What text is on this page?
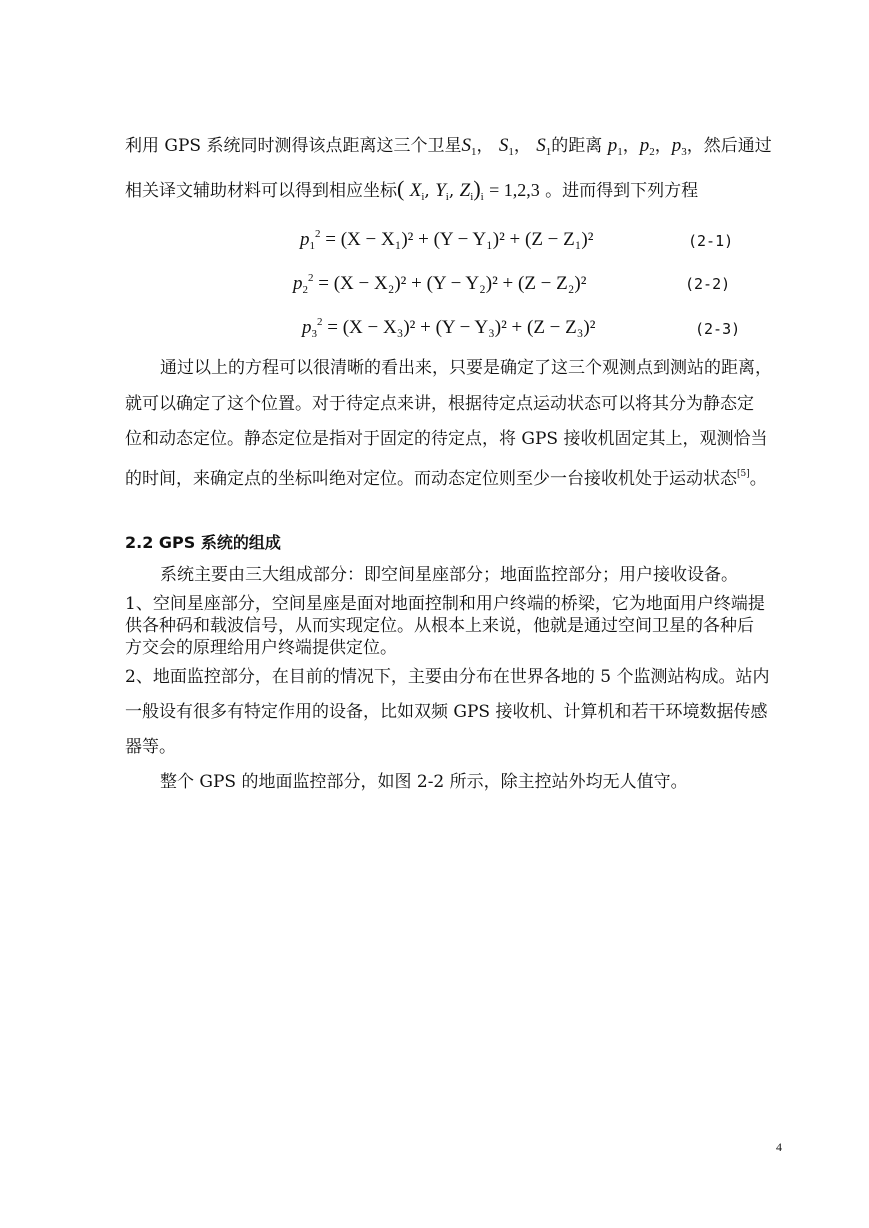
利用 GPS 系统同时测得该点距离这三个卫星$S_1$， $S_1$， $S_1$的距离 $p_1$，$p_2$，$p_3$，然后通过
相关译文辅助材料可以得到相应坐标( $X_i$, $Y_i$, $Z_i)_i = 1,2,3$ 。进而得到下列方程
$p_1^2 = (X - X_1)^2 + (Y - Y_1)^2 + (Z - Z_1)^2$	(2-1)
$p_2^2 = (X - X_2)^2 + (Y - Y_2)^2 + (Z - Z_2)^2$	(2-2)
$p_3^2 = (X - X_3)^2 + (Y - Y_3)^2 + (Z - Z_3)^2$	(2-3)
通过以上的方程可以很清晰的看出来，只要是确定了这三个观测点到测站的距离，
就可以确定了这个位置。对于待定点来讲，根据待定点运动状态可以将其分为静态定
位和动态定位。静态定位是指对于固定的待定点，将 GPS 接收机固定其上，观测恰当
的时间，来确定点的坐标叫绝对定位。而动态定位则至少一台接收机处于运动状态[5]。
2.2 GPS 系统的组成
系统主要由三大组成部分：即空间星座部分；地面监控部分；用户接收设备。
1、空间星座部分，空间星座是面对地面控制和用户终端的桥梁，它为地面用户终端提
供各种码和载波信号，从而实现定位。从根本上来说，他就是通过空间卫星的各种后
方交会的原理给用户终端提供定位。
2、地面监控部分，在目前的情况下，主要由分布在世界各地的 5 个监测站构成。站内
一般设有很多有特定作用的设备，比如双频 GPS 接收机、计算机和若干环境数据传感
器等。
整个 GPS 的地面监控部分，如图 2-2 所示，除主控站外均无人值守。
4
